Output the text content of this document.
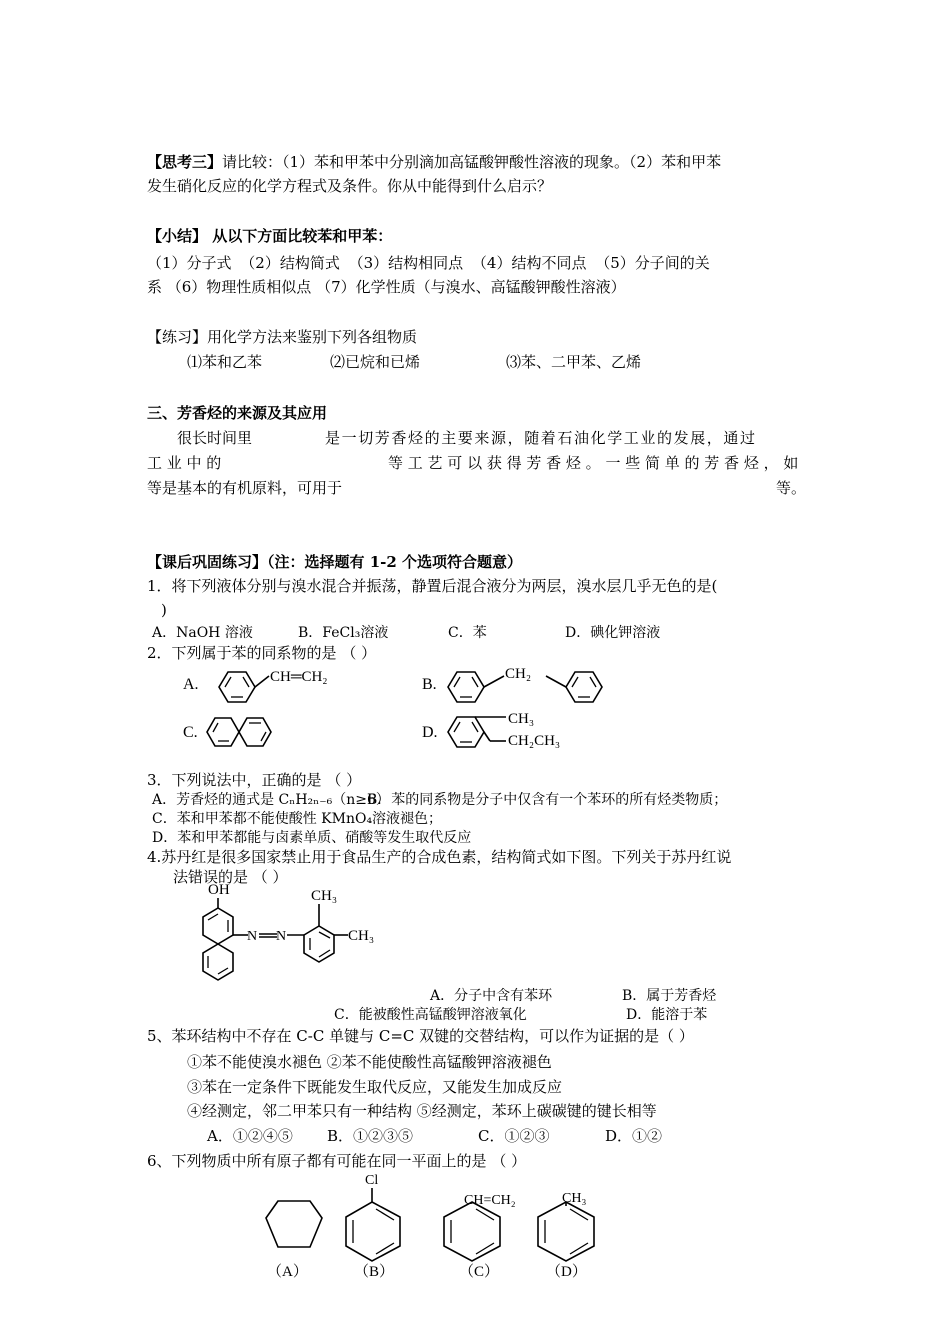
【思考三】请比较：（1）苯和甲苯中分别滴加高锰酸钾酸性溶液的现象。（2）苯和甲苯
发生硝化反应的化学方程式及条件。你从中能得到什么启示？
【小结】 从以下方面比较苯和甲苯：
（1）分子式 （2）结构简式 （3）结构相同点 （4）结构不同点 （5）分子间的关
系 （6）物理性质相似点 （7）化学性质（与溴水、高锰酸钾酸性溶液）
【练习】用化学方法来鉴别下列各组物质
⑴苯和乙苯	⑵已烷和已烯	⑶苯、二甲苯、乙烯
三、芳香烃的来源及其应用
很长时间里	是一切芳香烃的主要来源，随着石油化学工业的发展，通过
工 业 中 的	等 工 艺 可 以 获 得 芳 香 烃 。 一 些 简 单 的 芳 香 烃 ， 如
等是基本的有机原料，可用于	等。
【课后巩固练习】（注：选择题有 1-2 个选项符合题意）
1．将下列液体分别与溴水混合并振荡，静置后混合液分为两层，溴水层几乎无色的是(
)
A．NaOH 溶液	B．FeCl₃溶液	C．苯	D．碘化钾溶液
2．下列属于苯的同系物的是 （ ）
A.	CH═CH₂	B.
CH₂
C.	D.
CH₃
CH₂CH₃
3．下列说法中，正确的是 （ ）
A．芳香烃的通式是 CₙH₂ₙ₋₆（n≥6）
B．苯的同系物是分子中仅含有一个苯环的所有烃类物质；
C．苯和甲苯都不能使酸性 KMnO₄溶液褪色；
D．苯和甲苯都能与卤素单质、硝酸等发生取代反应
4.苏丹红是很多国家禁止用于食品生产的合成色素，结构简式如下图。下列关于苏丹红说
法错误的是 （ ）
OH
N N
CH₃
CH₃
A．分子中含有苯环	B．属于芳香烃
C．能被酸性高锰酸钾溶液氧化	D．能溶于苯
5、苯环结构中不存在 C-C 单键与 C=C 双键的交替结构，可以作为证据的是（ ）
①苯不能使溴水褪色 ②苯不能使酸性高锰酸钾溶液褪色
③苯在一定条件下既能发生取代反应，又能发生加成反应
④经测定，邻二甲苯只有一种结构 ⑤经测定，苯环上碳碳键的键长相等
A．①②④⑤ B．①②③⑤	C．①②③	D．①②
6、下列物质中所有原子都有可能在同一平面上的是 （ ）
（A）
Cl
（B）
CH=CH₂
（C）
CH₃
（D）
